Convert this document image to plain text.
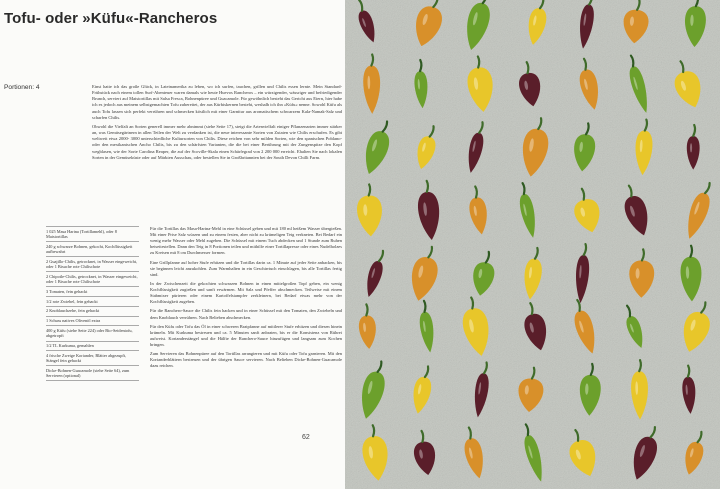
Tofu- oder »Küfu«-Rancheros
Portionen: 4	Einst hatte ich das große Glück, in Lateinamerika zu leben, wo ich surfen, tauchen, grillen und Chilis essen lernte. Mein Standard-Frühstück nach einem tollen Surf-Abenteuer waren damals wie heute Huevos Rancheros – ein würzigender, wässriger und befriedigender Brunch, serviert auf Maistortillas mit Salsa Fresca, Bohnenpüree und Guacamole. Für gewöhnlich besteht das Gericht aus Eiern, hier habe ich es jedoch aus meinem selbstgemachten Tofu zubereitet, der aus Kürbiskernen besteht, weshalb ich ihn »Küfu« nenne. Sowohl Küfu als auch Tofu lassen sich perfekt verrühren und schmecken köstlich mit einer Garnitur aus aromatischem schwarzem Kala-Namak-Salz und scharfen Chilis.

Obwohl die Vielfalt an Sorten generell immer mehr abnimmt (siehe Seite 17), steigt die Artenvielfalt einiger Pflanzenarten immer stärker an, was Gemüsegärtnern in allen Teilen der Welt zu verdanken ist, die neue interessante Sorten von Zutaten wie Chilis erschufen. Es gibt weltweit etwa 2000- 3000 unterschiedliche Kultursorten von Chilis. Diese reichen von sehr milden Sorten, wie den spanischen Poblano- oder den mexikanischen Ancho Chilis, bis zu den schärfsten Varianten, die die bei einer Berührung mit der Zungenspitze den Kopf wegblasen, wie der Sorte Carolina Reaper, die auf der Scoville-Skala einen Schärfegrad von 2 200 000 erreicht. Ehalten Sie nach lokalen Sorten in der Gemüseküste oder auf Märkten Ausschau, oder bestellen Sie in Großbritannien bei der South Devon Chilli Farm.

1 025 Masa Harina (Tortillamehl), oder 8 Maistortillas
240 g schwarze Bohnen, gekocht, Kochflüssigkeit aufbewahrt
2 Guajillo-Chilis, getrocknet, in Wasser eingeweicht, oder 1 Bisuche rote Chilischote
2 Chipotle-Chilis, getrocknet, in Wasser eingeweicht, oder 1 Bisuche rote Chilischote
3 Tomaten, fein gehackt
1/2 rote Zwiebel, fein gehackt
2 Knoblauchzehe, fein gehackt
1 Schuss natives Olivenöl extra
400 g Küfu (siehe Seite 224) oder Bio-Seidentofu, abgetropft
1/2 TL Kurkuma, gemahlen
4 frische Zweige Koriander, Blätter abgezupft, Stängel fein gehackt
Dicke-Bohnen-Guacamole (siehe Seite 64), zum Servieren (optional)

Für die Tortillas das Masa-Harina-Mehl in eine Schüssel geben und mit 180 ml heißem Wasser übergießen. Mit einer Prise Salz würzen und zu einem festen, aber nicht zu krümeligen Teig verkneten. Bei Bedarf ein wenig mehr Wasser oder Mehl zugeben. Die Schüssel mit einem Tuch abdecken und 1 Stunde zum Ruhen beiseitestellen. Dann den Teig in 8 Portionen teilen und mithilfe einer Tortillapresse oder eines Nudelholzes zu Kreisen mit 8 cm Durchmesser formen.

Eine Grillpfanne auf hoher Stufe erhitzen und die Tortillas darin ca. 1 Minute auf jeder Seite anbacken, bis sie beginnen leicht anzukohlen. Zum Warmhalten in ein Geschirrtuch einschlagen, bis alle Tortillas fertig sind.

In der Zwischenzeit die gekochten schwarzen Bohnen in einen mittelgroßen Topf geben, ein wenig Kochflüssigkeit zugießen und sanft erwärmen. Mit Salz und Pfeffer abschmecken. Teilweise mit einem Stabmixer pürieren oder einem Kartoffelstampfer zerkleinern, bei Bedarf etwas mehr von der Kochflüssigkeit zugeben.

Für die Ranchero-Sauce die Chilis fein hacken und in einer Schüssel mit den Tomaten, den Zwiebeln und dem Knoblauch verrühren. Nach Belieben abschmecken.

Für den Küfu oder Tofu das Öl in einer schweren Bratpfanne auf mittlerer Stufe erhitzen und diesen hinein krümeln. Mit Kurkuma bestreuen und ca. 5 Minuten sanft anbraten, bis er die Konsistenz von Rührei aufweist. Korianderstängel und die Hälfte der Ranchero-Sauce hinzufügen und langsam zum Kochen bringen.

Zum Servieren das Bohnenpüree auf den Tortillas arrangieren und mit Küfu oder Tofu garnieren. Mit den Korianderblättern bestreuen und der übrigen Sauce servieren. Nach Belieben Dicke-Bohnen-Guacamole dazu reichen.

62
